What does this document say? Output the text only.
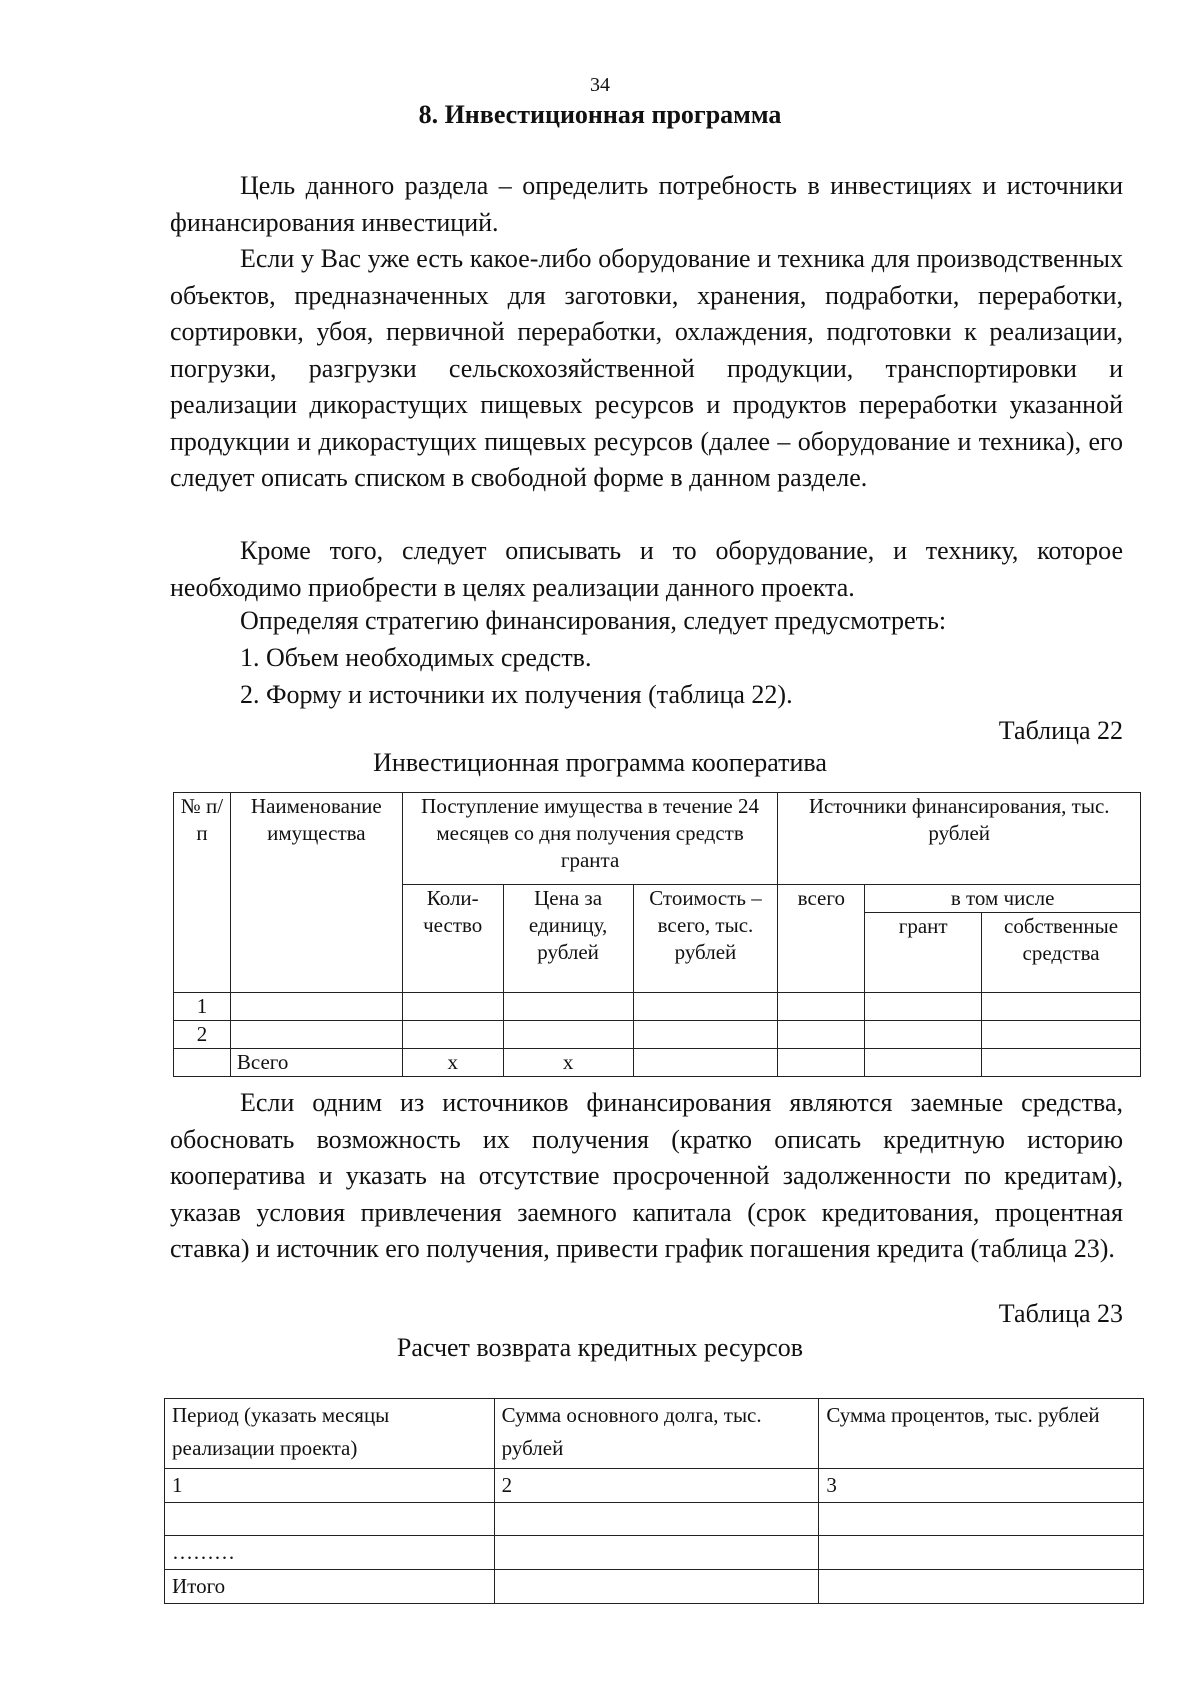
34
8. Инвестиционная программа

Цель данного раздела – определить потребность в инвестициях и источники финансирования инвестиций.

Если у Вас уже есть какое-либо оборудование и техника для производственных объектов, предназначенных для заготовки, хранения, подработки, переработки, сортировки, убоя, первичной переработки, охлаждения, подготовки к реализации, погрузки, разгрузки сельскохозяйственной продукции, транспортировки и реализации дикорастущих пищевых ресурсов и продуктов переработки указанной продукции и дикорастущих пищевых ресурсов (далее – оборудование и техника), его следует описать списком в свободной форме в данном разделе.

Кроме того, следует описывать и то оборудование, и технику, которое необходимо приобрести в целях реализации данного проекта.

Определяя стратегию финансирования, следует предусмотреть:

1. Объем необходимых средств.

2. Форму и источники их получения (таблица 22).

Таблица 22
Инвестиционная программа кооператива
№ п/п	Наименование имущества	Поступление имущества в течение 24 месяцев со дня получения средств гранта			Источники финансирования, тыс. рублей		
		Коли- чество	Цена за единицу, рублей	Стоимость – всего, тыс. рублей	всего	в том числе	
						грант	собственные средства
1							
2							
	Всего	х	х				

Если одним из источников финансирования являются заемные средства, обосновать возможность их получения (кратко описать кредитную историю кооператива и указать на отсутствие просроченной задолженности по кредитам), указав условия привлечения заемного капитала (срок кредитования, процентная ставка) и источник его получения, привести график погашения кредита (таблица 23).

Таблица 23
Расчет возврата кредитных ресурсов
Период (указать месяцы реализации проекта)	Сумма основного долга, тыс. рублей	Сумма процентов, тыс. рублей
1	2	3

………		
Итого		
